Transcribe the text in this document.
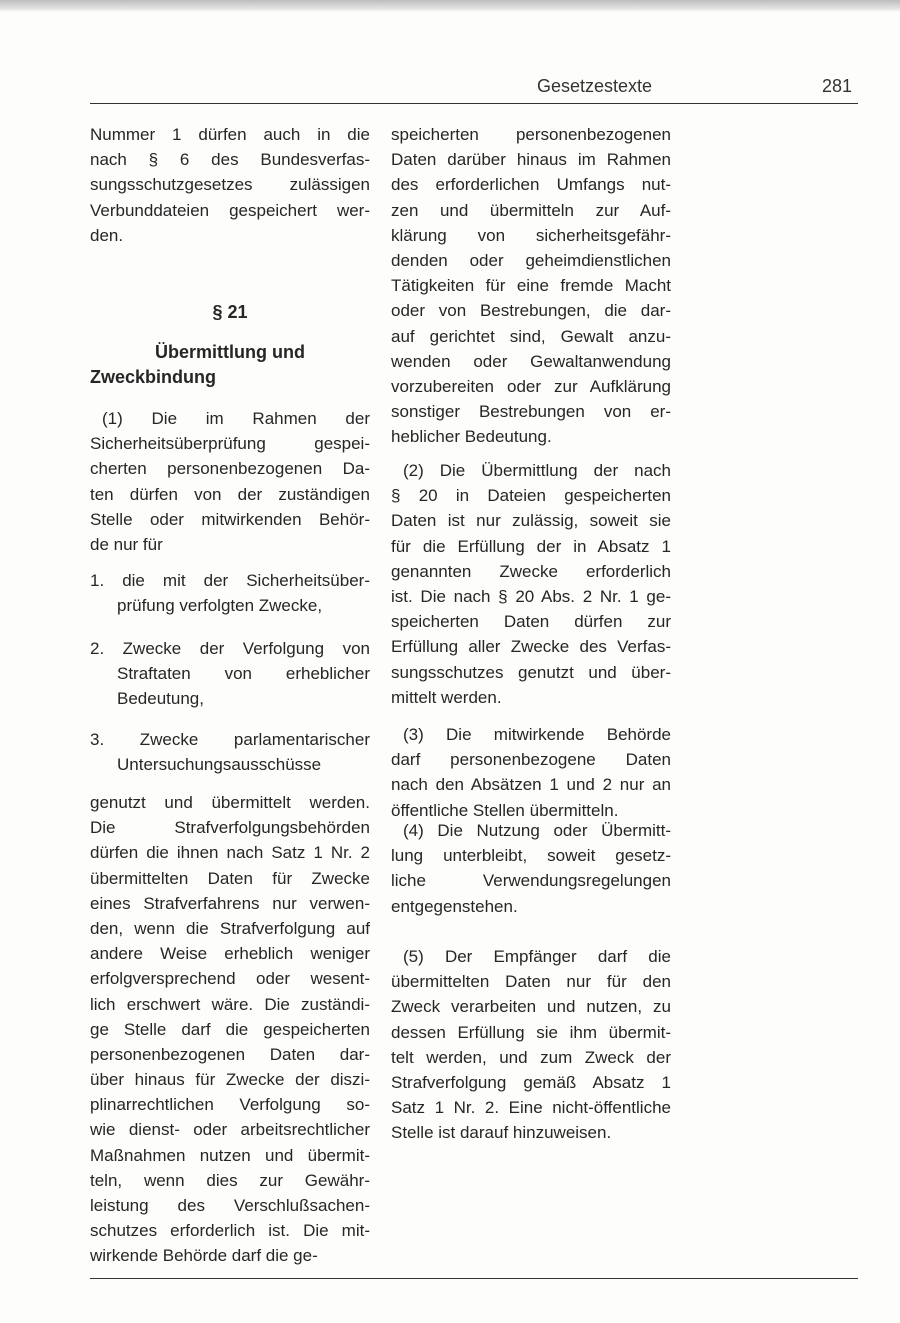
Gesetzestexte	281
Nummer 1 dürfen auch in die
nach § 6 des Bundesverfas-
sungsschutzgesetzes zulässigen
Verbunddateien gespeichert wer-
den.
§ 21
Übermittlung und
Zweckbindung
(1) Die im Rahmen der
Sicherheitsüberprüfung gespei-
cherten personenbezogenen Da-
ten dürfen von der zuständigen
Stelle oder mitwirkenden Behör-
de nur für
1. die mit der Sicherheitsüber-
prüfung verfolgten Zwecke,
2. Zwecke der Verfolgung von
Straftaten von erheblicher
Bedeutung,
3. Zwecke parlamentarischer
Untersuchungsausschüsse
genutzt und übermittelt werden.
Die Strafverfolgungsbehörden
dürfen die ihnen nach Satz 1 Nr. 2
übermittelten Daten für Zwecke
eines Strafverfahrens nur verwen-
den, wenn die Strafverfolgung auf
andere Weise erheblich weniger
erfolgversprechend oder wesent-
lich erschwert wäre. Die zuständi-
ge Stelle darf die gespeicherten
personenbezogenen Daten dar-
über hinaus für Zwecke der diszi-
plinarrechtlichen Verfolgung so-
wie dienst- oder arbeitsrechtlicher
Maßnahmen nutzen und übermit-
teln, wenn dies zur Gewähr-
leistung des Verschlußsachen-
schutzes erforderlich ist. Die mit-
wirkende Behörde darf die ge-
speicherten personenbezogenen
Daten darüber hinaus im Rahmen
des erforderlichen Umfangs nut-
zen und übermitteln zur Auf-
klärung von sicherheitsgefähr-
denden oder geheimdienstlichen
Tätigkeiten für eine fremde Macht
oder von Bestrebungen, die dar-
auf gerichtet sind, Gewalt anzu-
wenden oder Gewaltanwendung
vorzubereiten oder zur Aufklärung
sonstiger Bestrebungen von er-
heblicher Bedeutung.
(2) Die Übermittlung der nach
§ 20 in Dateien gespeicherten
Daten ist nur zulässig, soweit sie
für die Erfüllung der in Absatz 1
genannten Zwecke erforderlich
ist. Die nach § 20 Abs. 2 Nr. 1 ge-
speicherten Daten dürfen zur
Erfüllung aller Zwecke des Verfas-
sungsschutzes genutzt und über-
mittelt werden.
(3) Die mitwirkende Behörde
darf personenbezogene Daten
nach den Absätzen 1 und 2 nur an
öffentliche Stellen übermitteln.
(4) Die Nutzung oder Übermitt-
lung unterbleibt, soweit gesetz-
liche Verwendungsregelungen
entgegenstehen.
(5) Der Empfänger darf die
übermittelten Daten nur für den
Zweck verarbeiten und nutzen, zu
dessen Erfüllung sie ihm übermit-
telt werden, und zum Zweck der
Strafverfolgung gemäß Absatz 1
Satz 1 Nr. 2. Eine nicht-öffentliche
Stelle ist darauf hinzuweisen.
